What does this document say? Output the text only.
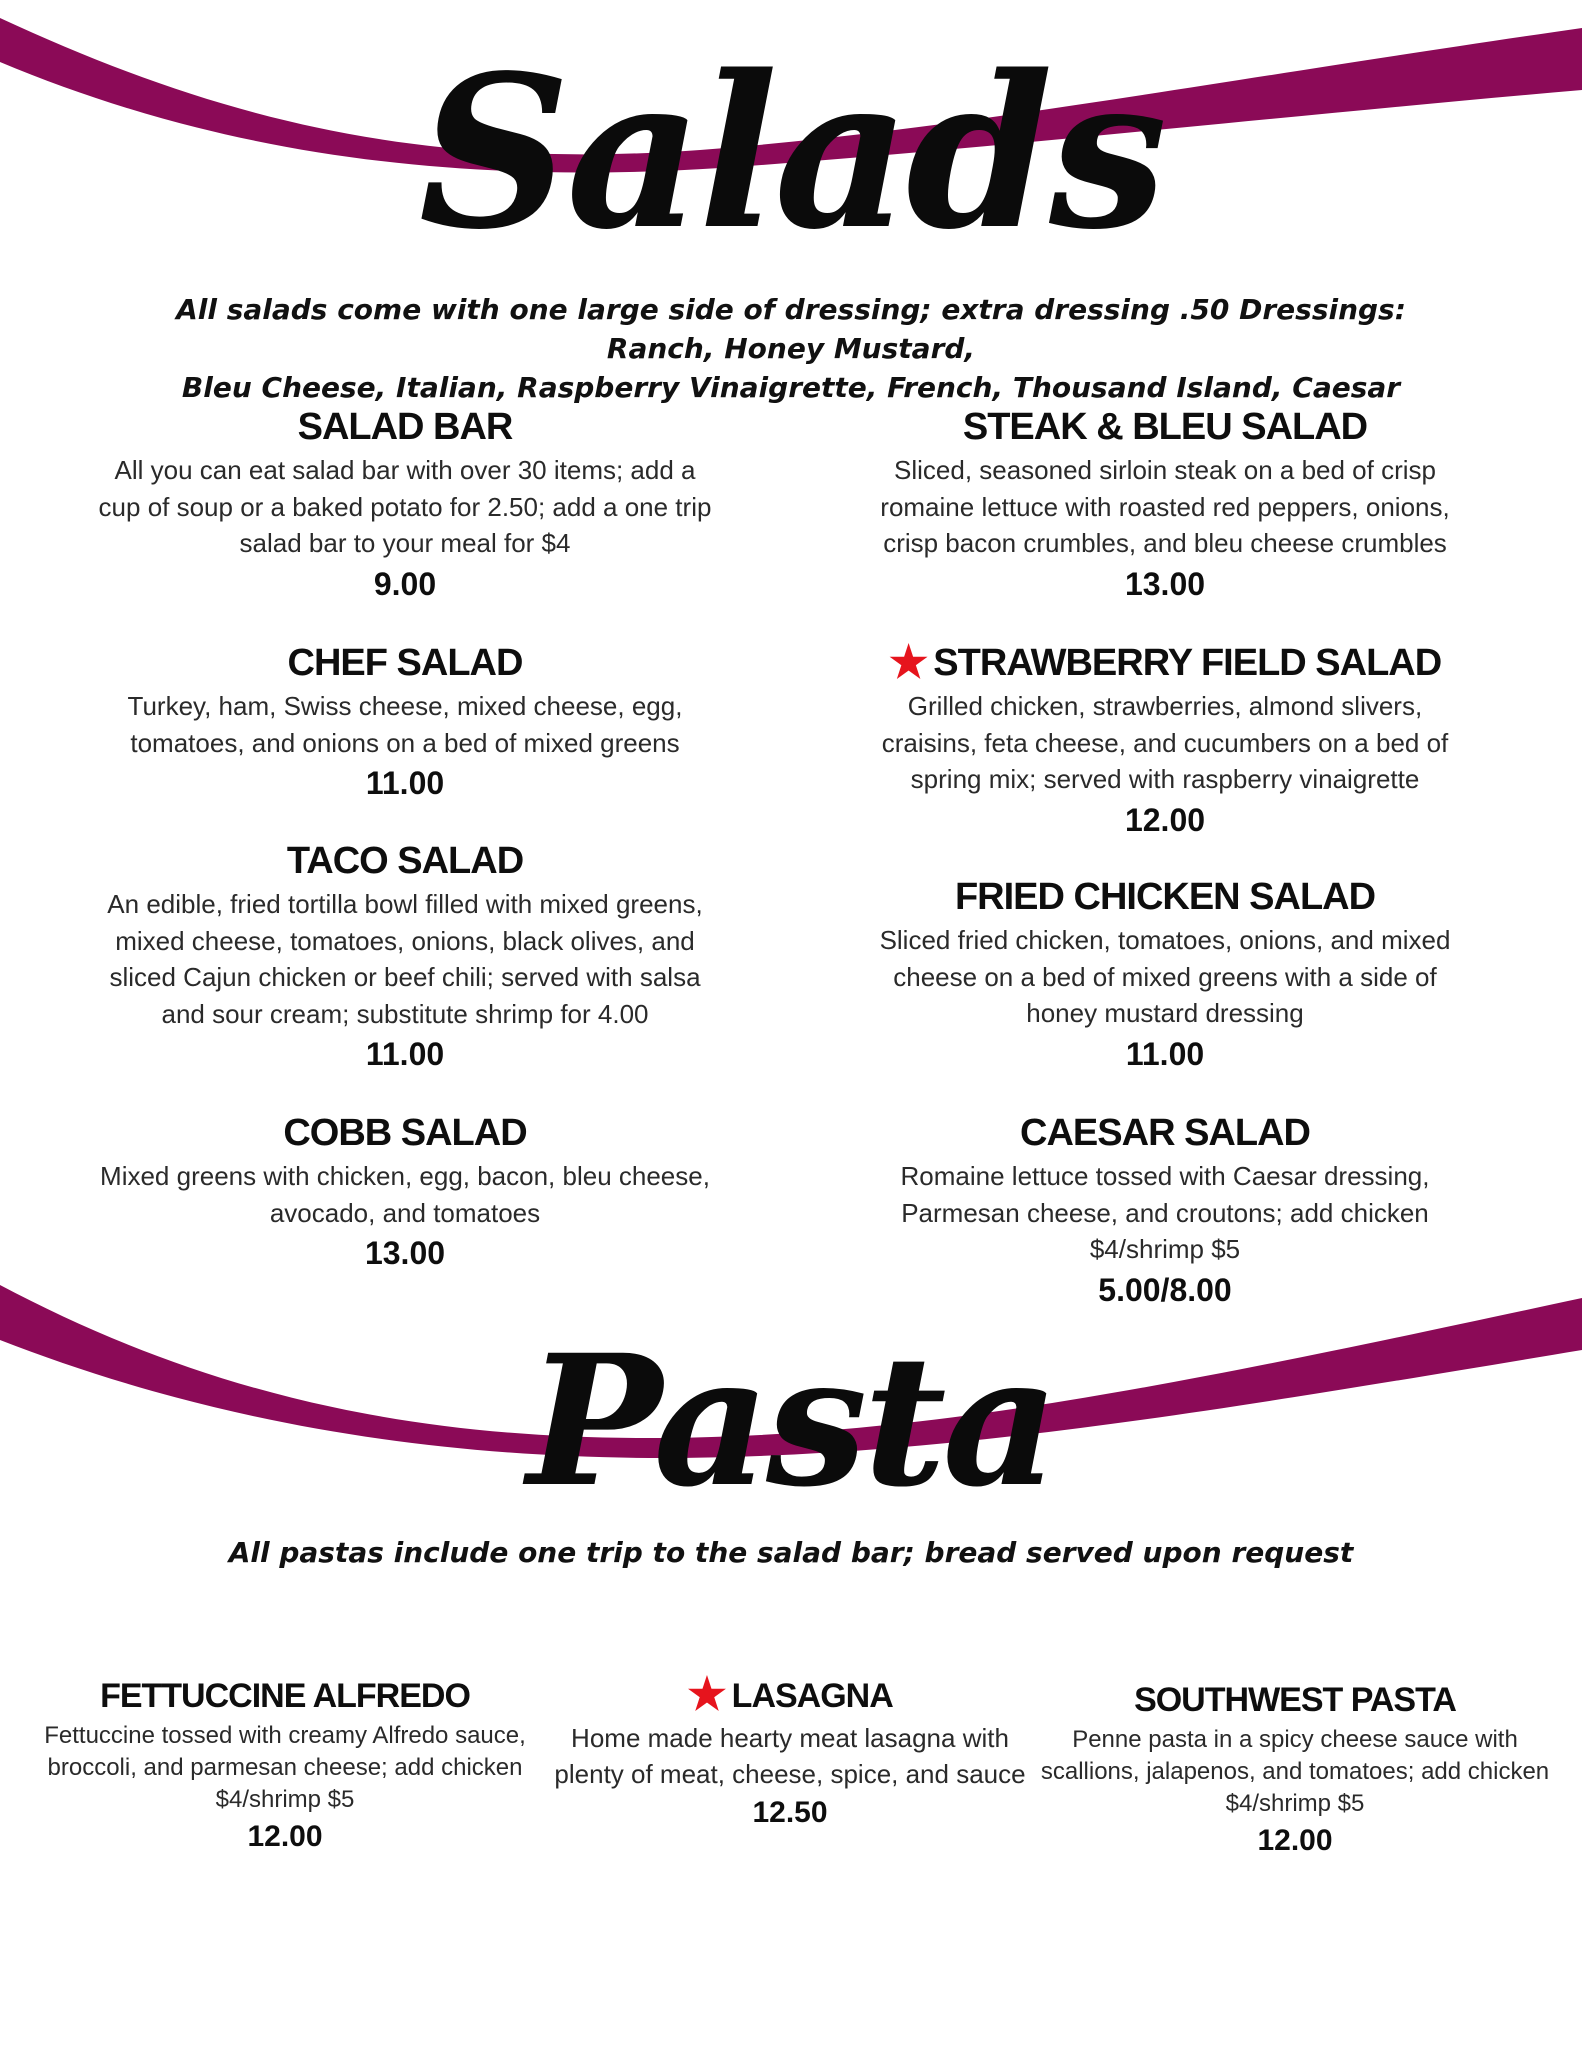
Salads
All salads come with one large side of dressing; extra dressing .50 Dressings: Ranch, Honey Mustard,
Bleu Cheese, Italian, Raspberry Vinaigrette, French, Thousand Island, Caesar
SALAD BAR
All you can eat salad bar with over 30 items; add a
cup of soup or a baked potato for 2.50; add a one trip
salad bar to your meal for $4
9.00
CHEF SALAD
Turkey, ham, Swiss cheese, mixed cheese, egg,
tomatoes, and onions on a bed of mixed greens
11.00
TACO SALAD
An edible, fried tortilla bowl filled with mixed greens,
mixed cheese, tomatoes, onions, black olives, and
sliced Cajun chicken or beef chili; served with salsa
and sour cream; substitute shrimp for 4.00
11.00
COBB SALAD
Mixed greens with chicken, egg, bacon, bleu cheese,
avocado, and tomatoes
13.00
STEAK & BLEU SALAD
Sliced, seasoned sirloin steak on a bed of crisp
romaine lettuce with roasted red peppers, onions,
crisp bacon crumbles, and bleu cheese crumbles
13.00
★ STRAWBERRY FIELD SALAD
Grilled chicken, strawberries, almond slivers,
craisins, feta cheese, and cucumbers on a bed of
spring mix; served with raspberry vinaigrette
12.00
FRIED CHICKEN SALAD
Sliced fried chicken, tomatoes, onions, and mixed
cheese on a bed of mixed greens with a side of
honey mustard dressing
11.00
CAESAR SALAD
Romaine lettuce tossed with Caesar dressing,
Parmesan cheese, and croutons; add chicken
$4/shrimp $5
5.00/8.00
Pasta
All pastas include one trip to the salad bar; bread served upon request
FETTUCCINE ALFREDO
Fettuccine tossed with creamy Alfredo sauce,
broccoli, and parmesan cheese; add chicken
$4/shrimp $5
12.00
★ LASAGNA
Home made hearty meat lasagna with
plenty of meat, cheese, spice, and sauce
12.50
SOUTHWEST PASTA
Penne pasta in a spicy cheese sauce with
scallions, jalapenos, and tomatoes; add chicken
$4/shrimp $5
12.00
